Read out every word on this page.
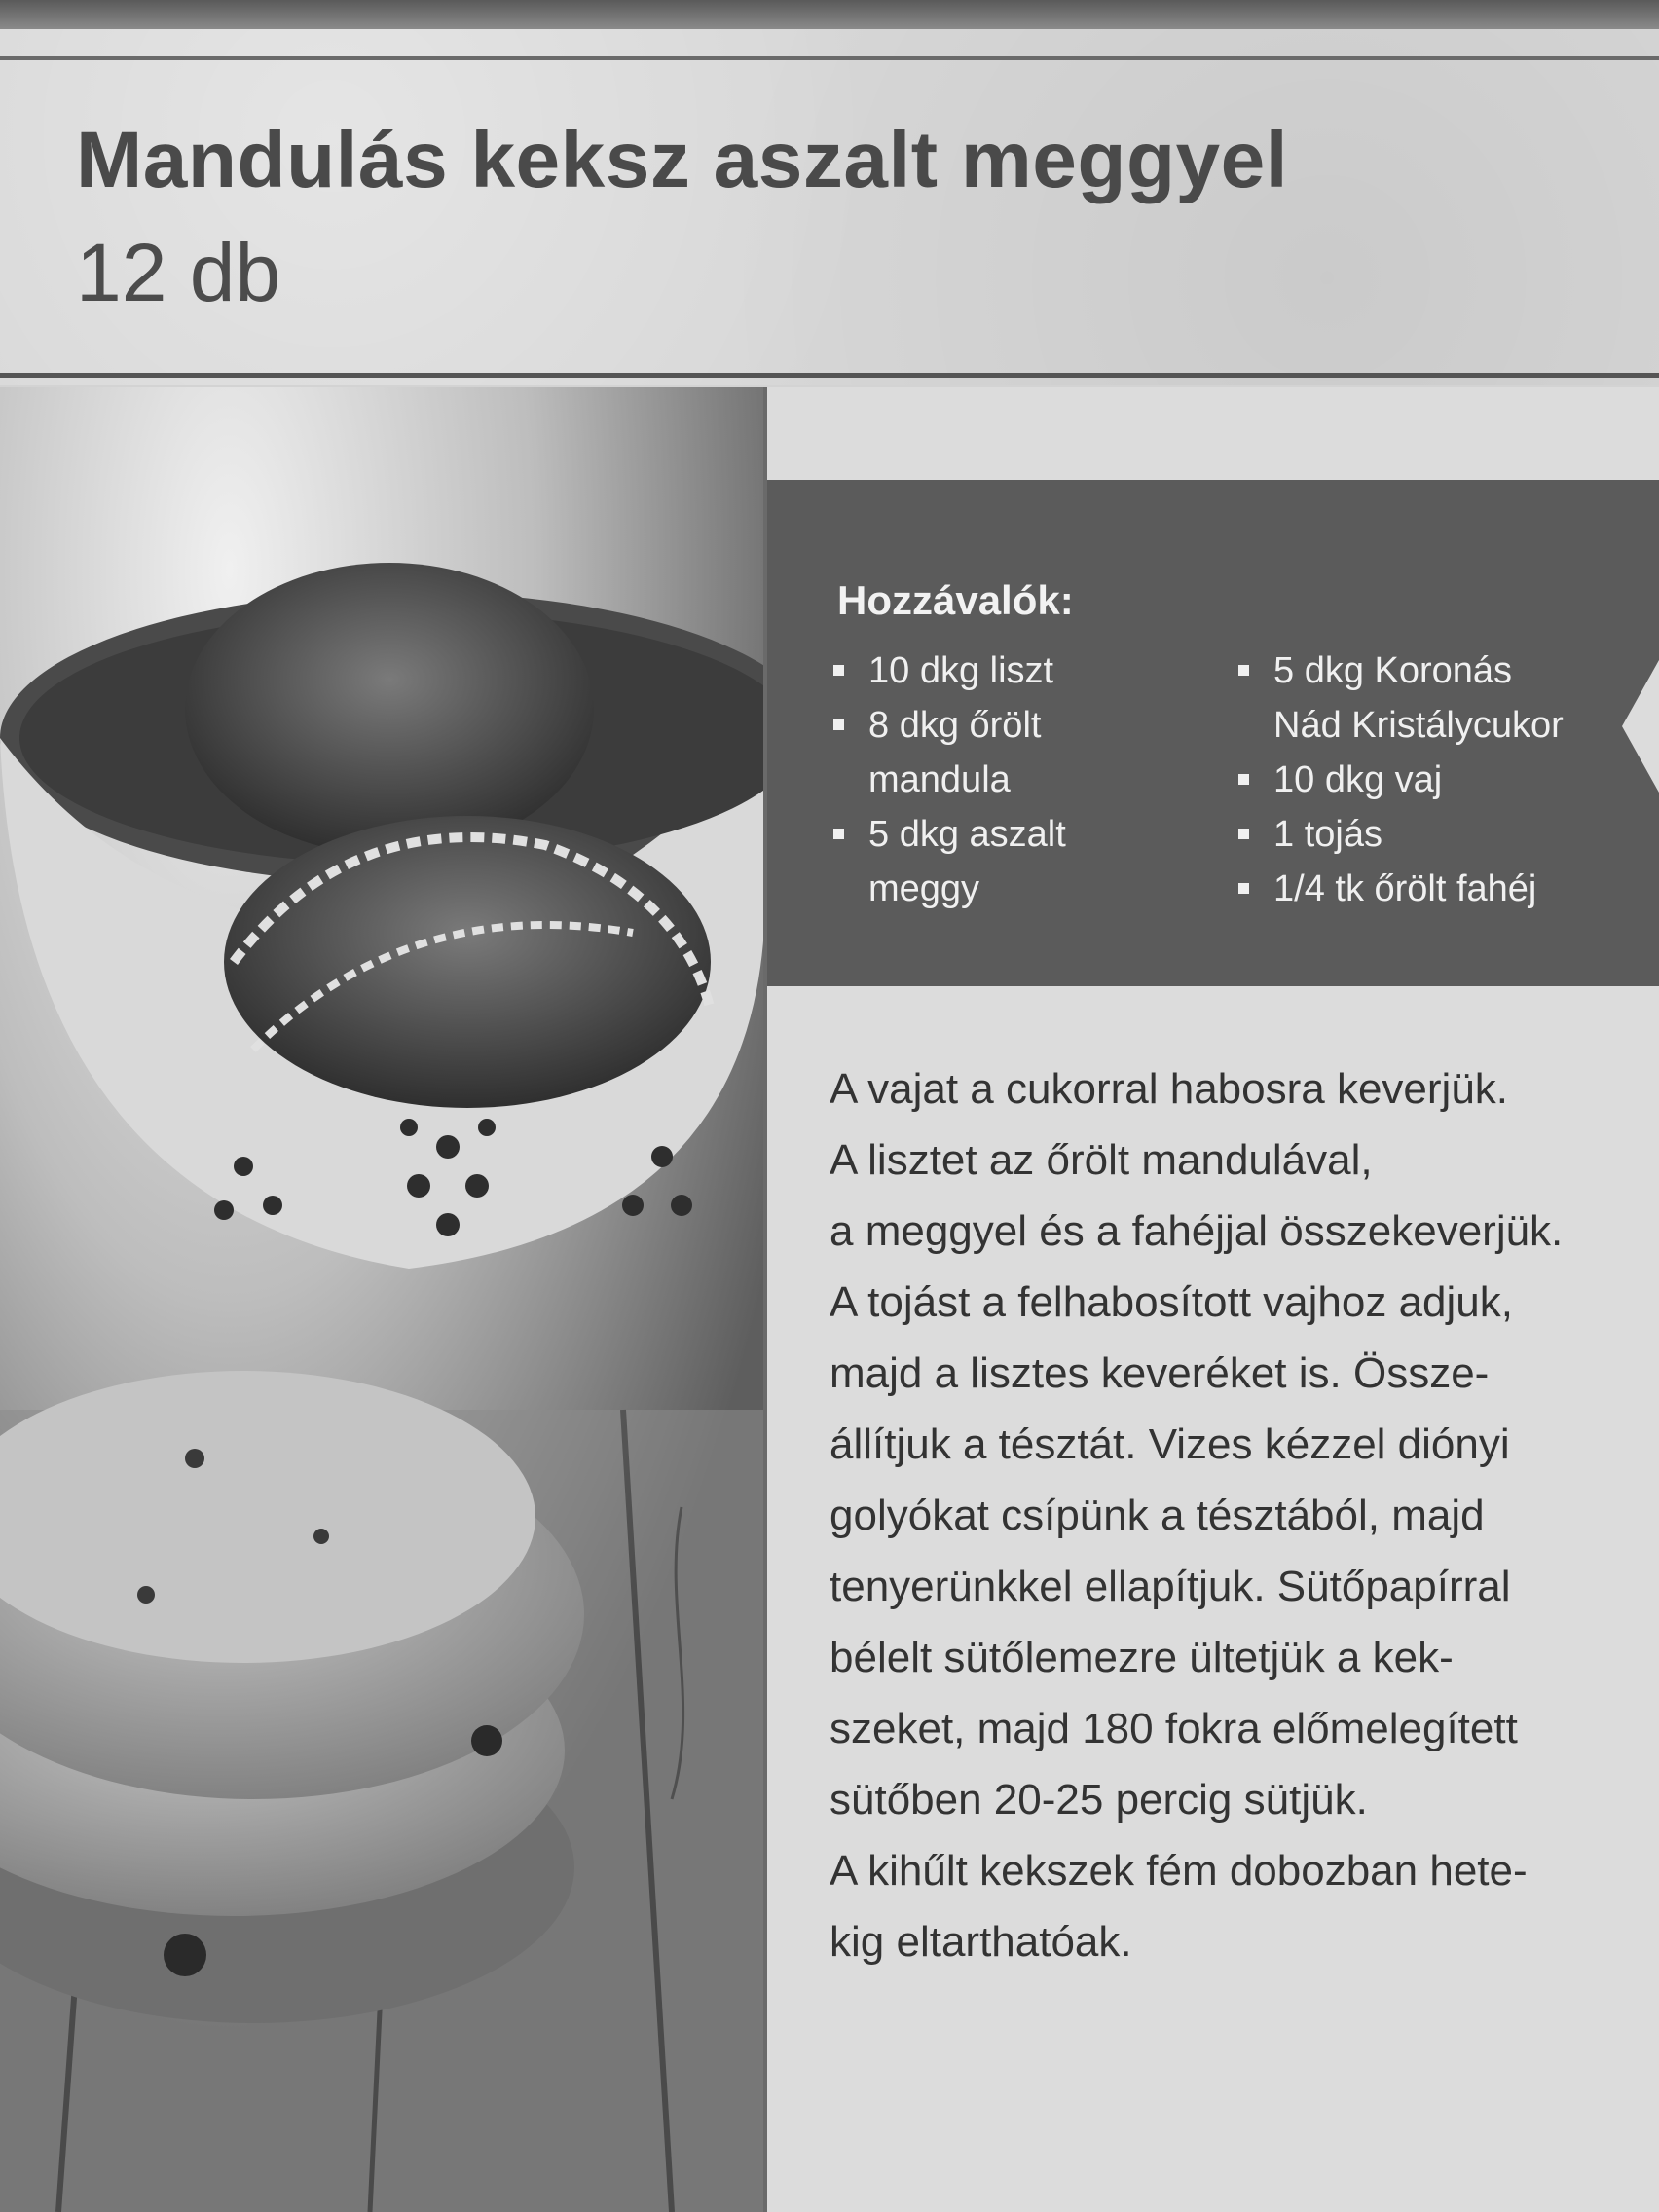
Mandulás keksz aszalt meggyel
12 db
Hozzávalók:
10 dkg liszt
8 dkg őrölt
mandula
5 dkg aszalt
meggy
5 dkg Koronás
Nád Kristálycukor
10 dkg vaj
1 tojás
1/4 tk őrölt fahéj

A vajat a cukorral habosra keverjük.

A lisztet az őrölt mandulával,

a meggyel és a fahéjjal összekeverjük.

A tojást a felhabosított vajhoz adjuk,

majd a lisztes keveréket is. Össze-

állítjuk a tésztát. Vizes kézzel diónyi

golyókat csípünk a tésztából, majd

tenyerünkkel ellapítjuk. Sütőpapírral

bélelt sütőlemezre ültetjük a kek-

szeket, majd 180 fokra előmelegített

sütőben 20-25 percig sütjük.

A kihűlt kekszek fém dobozban hete-

kig eltarthatóak.
